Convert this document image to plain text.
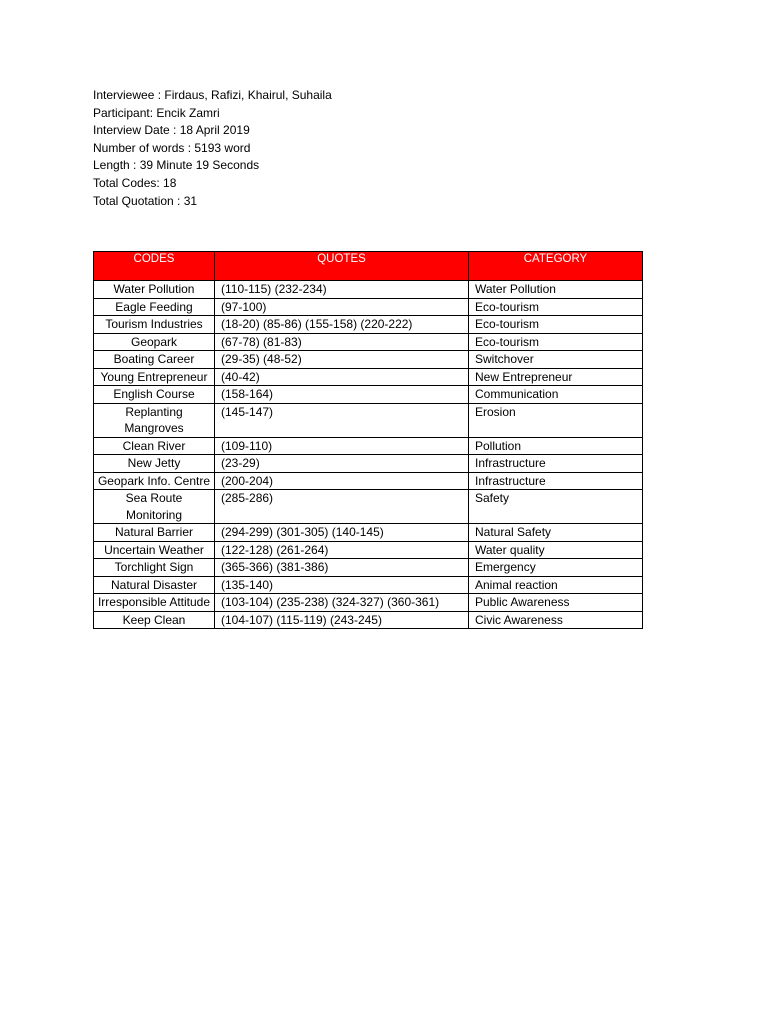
Interviewee : Firdaus, Rafizi, Khairul, Suhaila
Participant: Encik Zamri
Interview Date : 18 April 2019
Number of words : 5193 word
Length : 39 Minute 19 Seconds
Total Codes: 18
Total Quotation : 31
CODES	QUOTES	CATEGORY
Water Pollution	(110-115) (232-234)	Water Pollution
Eagle Feeding	(97-100)	Eco-tourism
Tourism Industries	(18-20) (85-86) (155-158) (220-222)	Eco-tourism
Geopark	(67-78) (81-83)	Eco-tourism
Boating Career	(29-35) (48-52)	Switchover
Young Entrepreneur	(40-42)	New Entrepreneur
English Course	(158-164)	Communication
Replanting Mangroves	(145-147)	Erosion
Clean River	(109-110)	Pollution
New Jetty	(23-29)	Infrastructure
Geopark Info. Centre	(200-204)	Infrastructure
Sea Route Monitoring	(285-286)	Safety
Natural Barrier	(294-299) (301-305) (140-145)	Natural Safety
Uncertain Weather	(122-128) (261-264)	Water quality
Torchlight Sign	(365-366) (381-386)	Emergency
Natural Disaster	(135-140)	Animal reaction
Irresponsible Attitude	(103-104) (235-238) (324-327) (360-361)	Public Awareness
Keep Clean	(104-107) (115-119) (243-245)	Civic Awareness
